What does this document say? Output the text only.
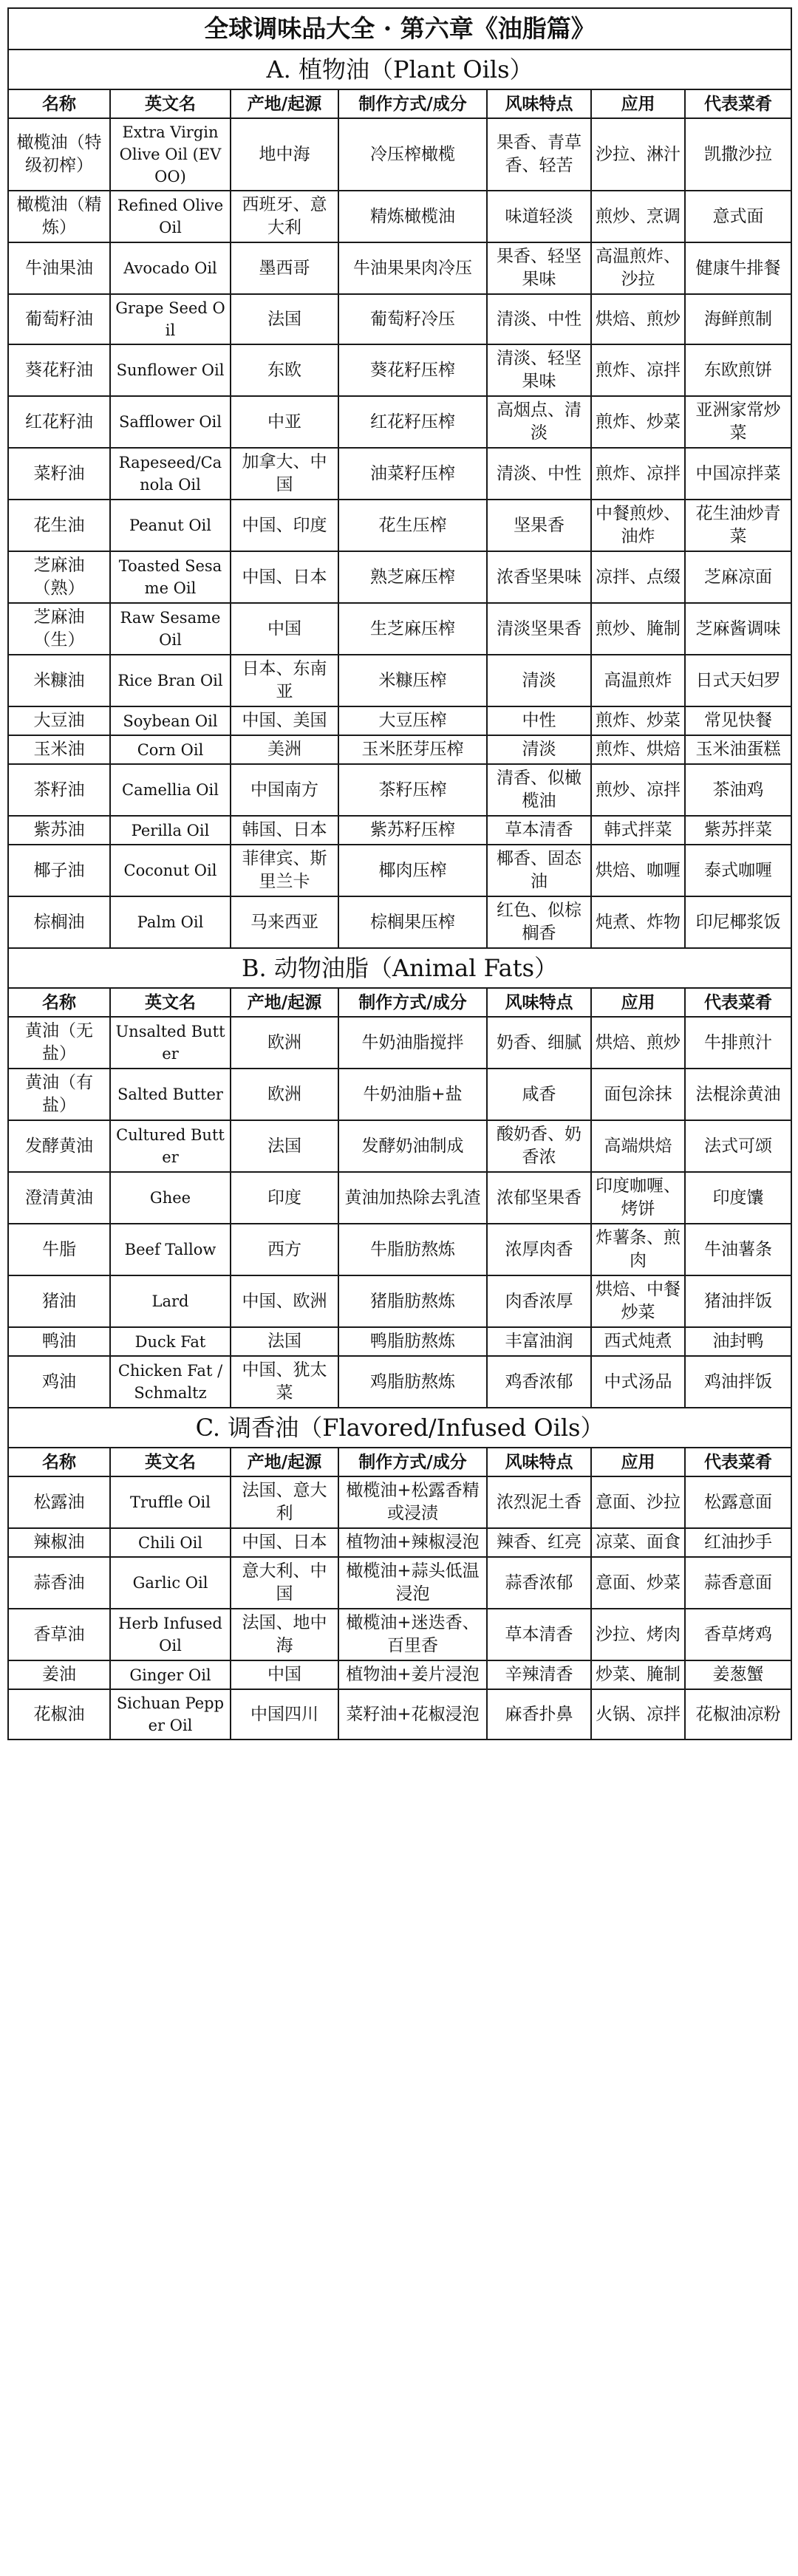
全球调味品大全 · 第六章《油脂篇》						
A. 植物油（Plant Oils）						
名称	英文名	产地/起源	制作方式/成分	风味特点	应用	代表菜肴
橄榄油（特级初榨）	Extra Virgin Olive Oil (EVOO)	地中海	冷压榨橄榄	果香、青草香、轻苦	沙拉、淋汁	凯撒沙拉
橄榄油（精炼）	Refined Olive Oil	西班牙、意大利	精炼橄榄油	味道轻淡	煎炒、烹调	意式面
牛油果油	Avocado Oil	墨西哥	牛油果果肉冷压	果香、轻坚果味	高温煎炸、沙拉	健康牛排餐
葡萄籽油	Grape Seed Oil	法国	葡萄籽冷压	清淡、中性	烘焙、煎炒	海鲜煎制
葵花籽油	Sunflower Oil	东欧	葵花籽压榨	清淡、轻坚果味	煎炸、凉拌	东欧煎饼
红花籽油	Safflower Oil	中亚	红花籽压榨	高烟点、清淡	煎炸、炒菜	亚洲家常炒菜
菜籽油	Rapeseed/Canola Oil	加拿大、中国	油菜籽压榨	清淡、中性	煎炸、凉拌	中国凉拌菜
花生油	Peanut Oil	中国、印度	花生压榨	坚果香	中餐煎炒、油炸	花生油炒青菜
芝麻油（熟）	Toasted Sesame Oil	中国、日本	熟芝麻压榨	浓香坚果味	凉拌、点缀	芝麻凉面
芝麻油（生）	Raw Sesame Oil	中国	生芝麻压榨	清淡坚果香	煎炒、腌制	芝麻酱调味
米糠油	Rice Bran Oil	日本、东南亚	米糠压榨	清淡	高温煎炸	日式天妇罗
大豆油	Soybean Oil	中国、美国	大豆压榨	中性	煎炸、炒菜	常见快餐
玉米油	Corn Oil	美洲	玉米胚芽压榨	清淡	煎炸、烘焙	玉米油蛋糕
茶籽油	Camellia Oil	中国南方	茶籽压榨	清香、似橄榄油	煎炒、凉拌	茶油鸡
紫苏油	Perilla Oil	韩国、日本	紫苏籽压榨	草本清香	韩式拌菜	紫苏拌菜
椰子油	Coconut Oil	菲律宾、斯里兰卡	椰肉压榨	椰香、固态油	烘焙、咖喱	泰式咖喱
棕榈油	Palm Oil	马来西亚	棕榈果压榨	红色、似棕榈香	炖煮、炸物	印尼椰浆饭
B. 动物油脂（Animal Fats）						
名称	英文名	产地/起源	制作方式/成分	风味特点	应用	代表菜肴
黄油（无盐）	Unsalted Butter	欧洲	牛奶油脂搅拌	奶香、细腻	烘焙、煎炒	牛排煎汁
黄油（有盐）	Salted Butter	欧洲	牛奶油脂+盐	咸香	面包涂抹	法棍涂黄油
发酵黄油	Cultured Butter	法国	发酵奶油制成	酸奶香、奶香浓	高端烘焙	法式可颂
澄清黄油	Ghee	印度	黄油加热除去乳渣	浓郁坚果香	印度咖喱、烤饼	印度馕
牛脂	Beef Tallow	西方	牛脂肪熬炼	浓厚肉香	炸薯条、煎肉	牛油薯条
猪油	Lard	中国、欧洲	猪脂肪熬炼	肉香浓厚	烘焙、中餐炒菜	猪油拌饭
鸭油	Duck Fat	法国	鸭脂肪熬炼	丰富油润	西式炖煮	油封鸭
鸡油	Chicken Fat / Schmaltz	中国、犹太菜	鸡脂肪熬炼	鸡香浓郁	中式汤品	鸡油拌饭
C. 调香油（Flavored/Infused Oils）						
名称	英文名	产地/起源	制作方式/成分	风味特点	应用	代表菜肴
松露油	Truffle Oil	法国、意大利	橄榄油+松露香精或浸渍	浓烈泥土香	意面、沙拉	松露意面
辣椒油	Chili Oil	中国、日本	植物油+辣椒浸泡	辣香、红亮	凉菜、面食	红油抄手
蒜香油	Garlic Oil	意大利、中国	橄榄油+蒜头低温浸泡	蒜香浓郁	意面、炒菜	蒜香意面
香草油	Herb Infused Oil	法国、地中海	橄榄油+迷迭香、百里香	草本清香	沙拉、烤肉	香草烤鸡
姜油	Ginger Oil	中国	植物油+姜片浸泡	辛辣清香	炒菜、腌制	姜葱蟹
花椒油	Sichuan Pepper Oil	中国四川	菜籽油+花椒浸泡	麻香扑鼻	火锅、凉拌	花椒油凉粉
